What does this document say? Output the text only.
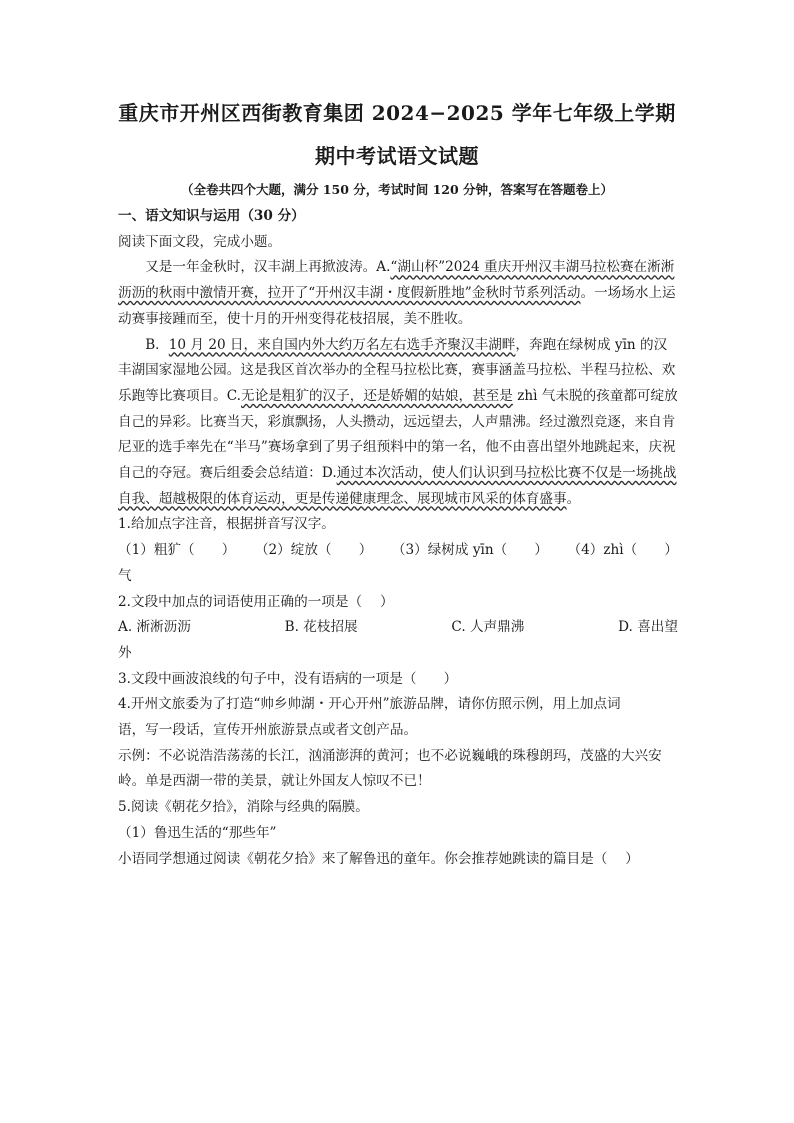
重庆市开州区西街教育集团 2024−2025 学年七年级上学期
期中考试语文试题
（全卷共四个大题，满分 150 分，考试时间 120 分钟，答案写在答题卷上）

一、语文知识与运用（30 分）

阅读下面文段，完成小题。

又是一年金秋时，汉丰湖上再掀波涛。A.“湖山杯”2024 重庆开州汉丰湖马拉松赛在淅淅沥沥的秋雨中激情开赛，拉开了“开州汉丰湖・度假新胜地”金秋时节系列活动。一场场水上运动赛事接踵而至，使十月的开州变得花枝招展，美不胜收。

B．10 月 20 日，来自国内外大约万名左右选手齐聚汉丰湖畔，奔跑在绿树成 yīn 的汉丰湖国家湿地公园。这是我区首次举办的全程马拉松比赛，赛事涵盖马拉松、半程马拉松、欢乐跑等比赛项目。C.无论是粗犷的汉子，还是娇媚的姑娘，甚至是 zhì 气未脱的孩童都可绽放自己的异彩。比赛当天，彩旗飘扬，人头攒动，远远望去，人声鼎沸。经过激烈竞逐，来自肯尼亚的选手率先在“半马”赛场拿到了男子组预料中的第一名，他不由喜出望外地跳起来，庆祝自己的夺冠。赛后组委会总结道：D.通过本次活动，使人们认识到马拉松比赛不仅是一场挑战自我、超越极限的体育运动，更是传递健康理念、展现城市风采的体育盛事。

1.给加点字注音，根据拼音写汉字。

（1）粗犷（　　） （2）绽放（　　） （3）绿树成 yīn（　　） （4）zhì（　　）

气

2.文段中加点的词语使用正确的一项是（　 ）

A. 淅淅沥沥	B. 花枝招展	C. 人声鼎沸	D. 喜出望

外

3.文段中画波浪线的句子中，没有语病的一项是（　　）

4.开州文旅委为了打造“帅乡帅湖・开心开州”旅游品牌，请你仿照示例，用上加点词

语，写一段话，宣传开州旅游景点或者文创产品。

示例：不必说浩浩荡荡的长江，汹涌澎湃的黄河；也不必说巍峨的珠穆朗玛，茂盛的大兴安岭。单是西湖一带的美景，就让外国友人惊叹不已！

5.阅读《朝花夕拾》，消除与经典的隔膜。

（1）鲁迅生活的“那些年”

小语同学想通过阅读《朝花夕拾》来了解鲁迅的童年。你会推荐她跳读的篇目是（　 ）
